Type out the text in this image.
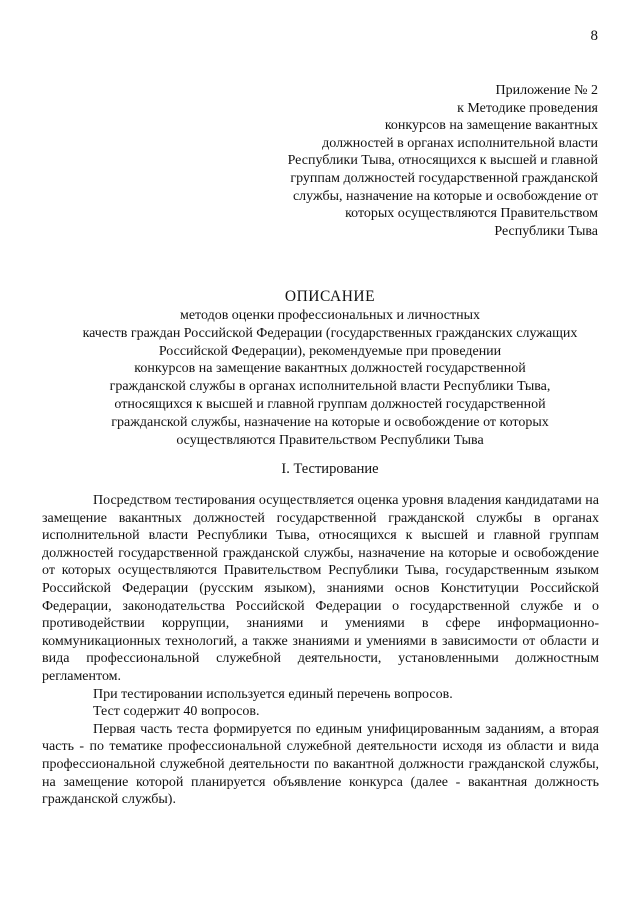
8
Приложение № 2
к Методике проведения
конкурсов на замещение вакантных
должностей в органах исполнительной власти
Республики Тыва, относящихся к высшей и главной
группам должностей государственной гражданской
службы, назначение на которые и освобождение от
которых осуществляются Правительством
Республики Тыва
ОПИСАНИЕ
методов оценки профессиональных и личностных
качеств граждан Российской Федерации (государственных гражданских служащих
Российской Федерации), рекомендуемые при проведении
конкурсов на замещение вакантных должностей государственной
гражданской службы в органах исполнительной власти Республики Тыва,
относящихся к высшей и главной группам должностей государственной
гражданской службы, назначение на которые и освобождение от которых
осуществляются Правительством Республики Тыва
I. Тестирование

Посредством тестирования осуществляется оценка уровня владения кандидатами на замещение вакантных должностей государственной гражданской службы в органах исполнительной власти Республики Тыва, относящихся к высшей и главной группам должностей государственной гражданской службы, назначение на которые и освобождение от которых осуществляются Правительством Республики Тыва, государственным языком Российской Федерации (русским языком), знаниями основ Конституции Российской Федерации, законодательства Российской Федерации о государственной службе и о противодействии коррупции, знаниями и умениями в сфере информационно-коммуникационных технологий, а также знаниями и умениями в зависимости от области и вида профессиональной служебной деятельности, установленными должностным регламентом.

При тестировании используется единый перечень вопросов.

Тест содержит 40 вопросов.

Первая часть теста формируется по единым унифицированным заданиям, а вторая часть - по тематике профессиональной служебной деятельности исходя из области и вида профессиональной служебной деятельности по вакантной должности гражданской службы, на замещение которой планируется объявление конкурса (далее - вакантная должность гражданской службы).
